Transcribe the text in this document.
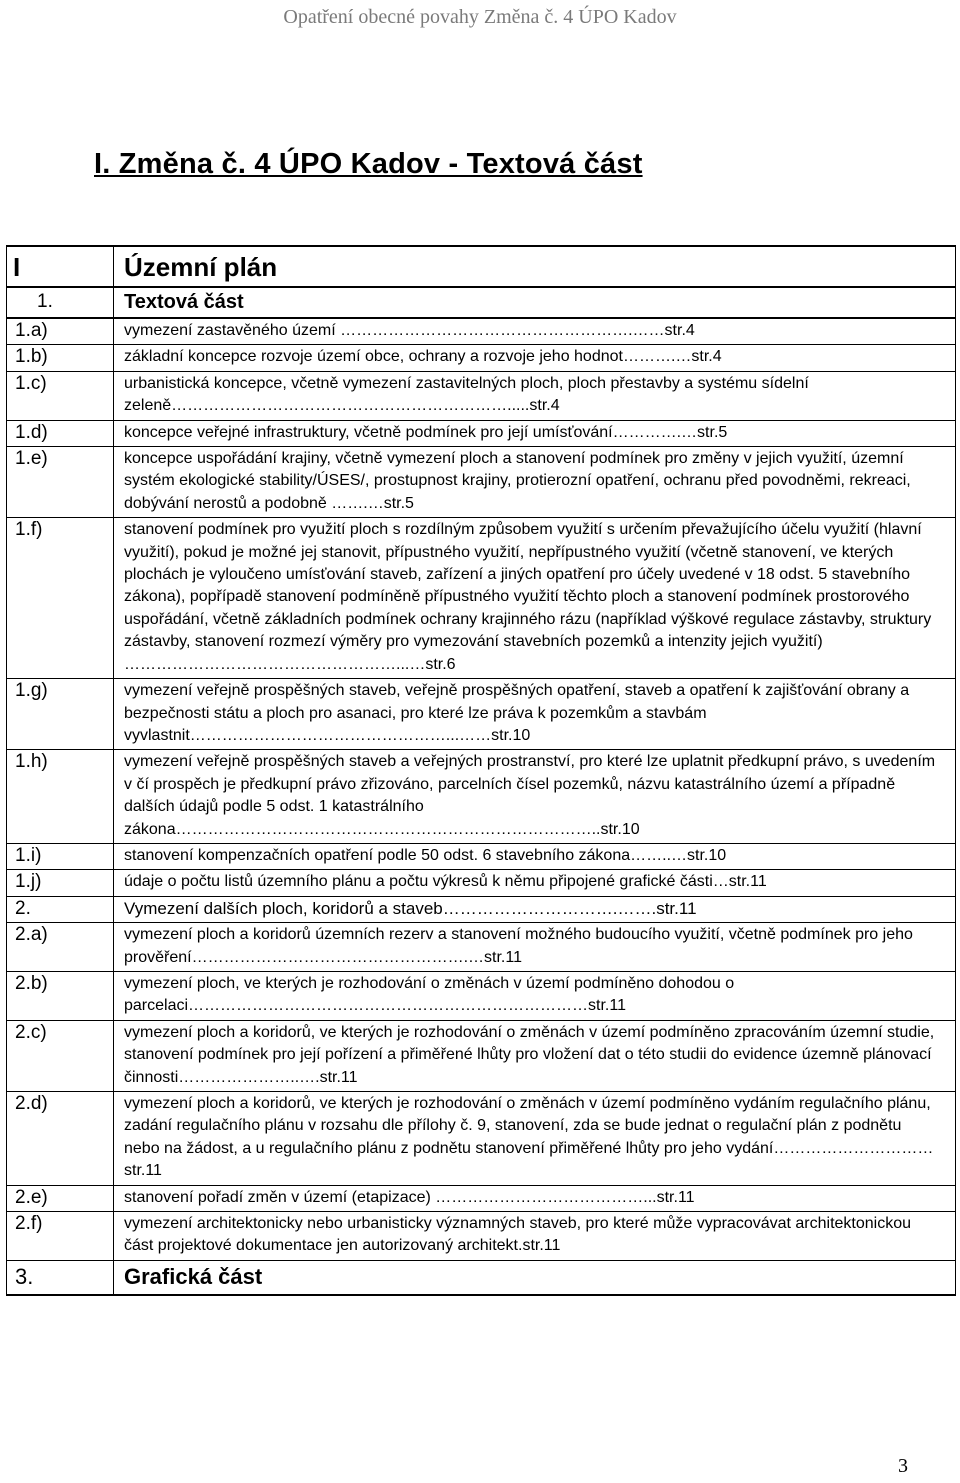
Opatření obecné povahy Změna č. 4 ÚPO Kadov
I. Změna č. 4 ÚPO Kadov - Textová část
I	Územní plán
1.	Textová část
1.a)	vymezení zastavěného území ……………………………………………….……str.4
1.b)	základní koncepce rozvoje území obce, ochrany a rozvoje jeho hodnot……….…str.4
1.c)	urbanistická koncepce, včetně vymezení zastavitelných ploch, ploch přestavby a systému sídelní zeleně……………………………………………………….....str.4
1.d)	koncepce veřejné infrastruktury, včetně podmínek pro její umísťování………….…str.5
1.e)	koncepce uspořádání krajiny, včetně vymezení ploch a stanovení podmínek pro změny v jejich využití, územní systém ekologické stability/ÚSES/, prostupnost krajiny, protierozní opatření, ochranu před povodněmi, rekreaci, dobývání nerostů a podobně …….…str.5
1.f)	stanovení podmínek pro využití ploch s rozdílným způsobem využití s určením převažujícího účelu využití (hlavní využití), pokud je možné jej stanovit, přípustného využití, nepřípustného využití (včetně stanovení, ve kterých plochách je vyloučeno umísťování staveb, zařízení a jiných opatření pro účely uvedené v 18 odst. 5 stavebního zákona), popřípadě stanovení podmíněně přípustného využití těchto ploch a stanovení podmínek prostorového uspořádání, včetně základních podmínek ochrany krajinného rázu (například výškové regulace zástavby, struktury zástavby, stanovení rozmezí výměry pro vymezování stavebních pozemků a intenzity jejich využití) ……………………………………………...…str.6
1.g)	vymezení veřejně prospěšných staveb, veřejně prospěšných opatření, staveb a opatření k zajišťování obrany a bezpečnosti státu a ploch pro asanaci, pro které lze práva k pozemkům a stavbám vyvlastnit…………………………………………...……str.10
1.h)	vymezení veřejně prospěšných staveb a veřejných prostranství, pro které lze uplatnit předkupní právo, s uvedením v čí prospěch je předkupní právo zřizováno, parcelních čísel pozemků, názvu katastrálního území a případně dalších údajů podle 5 odst. 1 katastrálního zákona……………………………………………………………………..str.10
1.i)	stanovení kompenzačních opatření podle 50 odst. 6 stavebního zákona……..…str.10
1.j)	údaje o počtu listů územního plánu a počtu výkresů k němu připojené grafické části…str.11
2.	Vymezení dalších ploch, koridorů a staveb………………………….…….str.11
2.a)	vymezení ploch a koridorů územních rezerv a stanovení možného budoucího využití, včetně podmínek pro jeho prověření…………………………………………….…str.11
2.b)	vymezení ploch, ve kterých je rozhodování o změnách v území podmíněno dohodou o parcelaci…………………………………………………………………str.11
2.c)	vymezení ploch a koridorů, ve kterých je rozhodování o změnách v území podmíněno zpracováním územní studie, stanovení podmínek pro její pořízení a přiměřené lhůty pro vložení dat o této studii do evidence územně plánovací činnosti…………………..….str.11
2.d)	vymezení ploch a koridorů, ve kterých je rozhodování o změnách v území podmíněno vydáním regulačního plánu, zadání regulačního plánu v rozsahu dle přílohy č. 9, stanovení, zda se bude jednat o regulační plán z podnětu nebo na žádost, a u regulačního plánu z podnětu stanovení přiměřené lhůty pro jeho vydání…………………………str.11
2.e)	stanovení pořadí změn v území (etapizace) …………………………………...str.11
2.f)	vymezení architektonicky nebo urbanisticky významných staveb, pro které může vypracovávat architektonickou část projektové dokumentace jen autorizovaný architekt.str.11
3.	Grafická část
3
